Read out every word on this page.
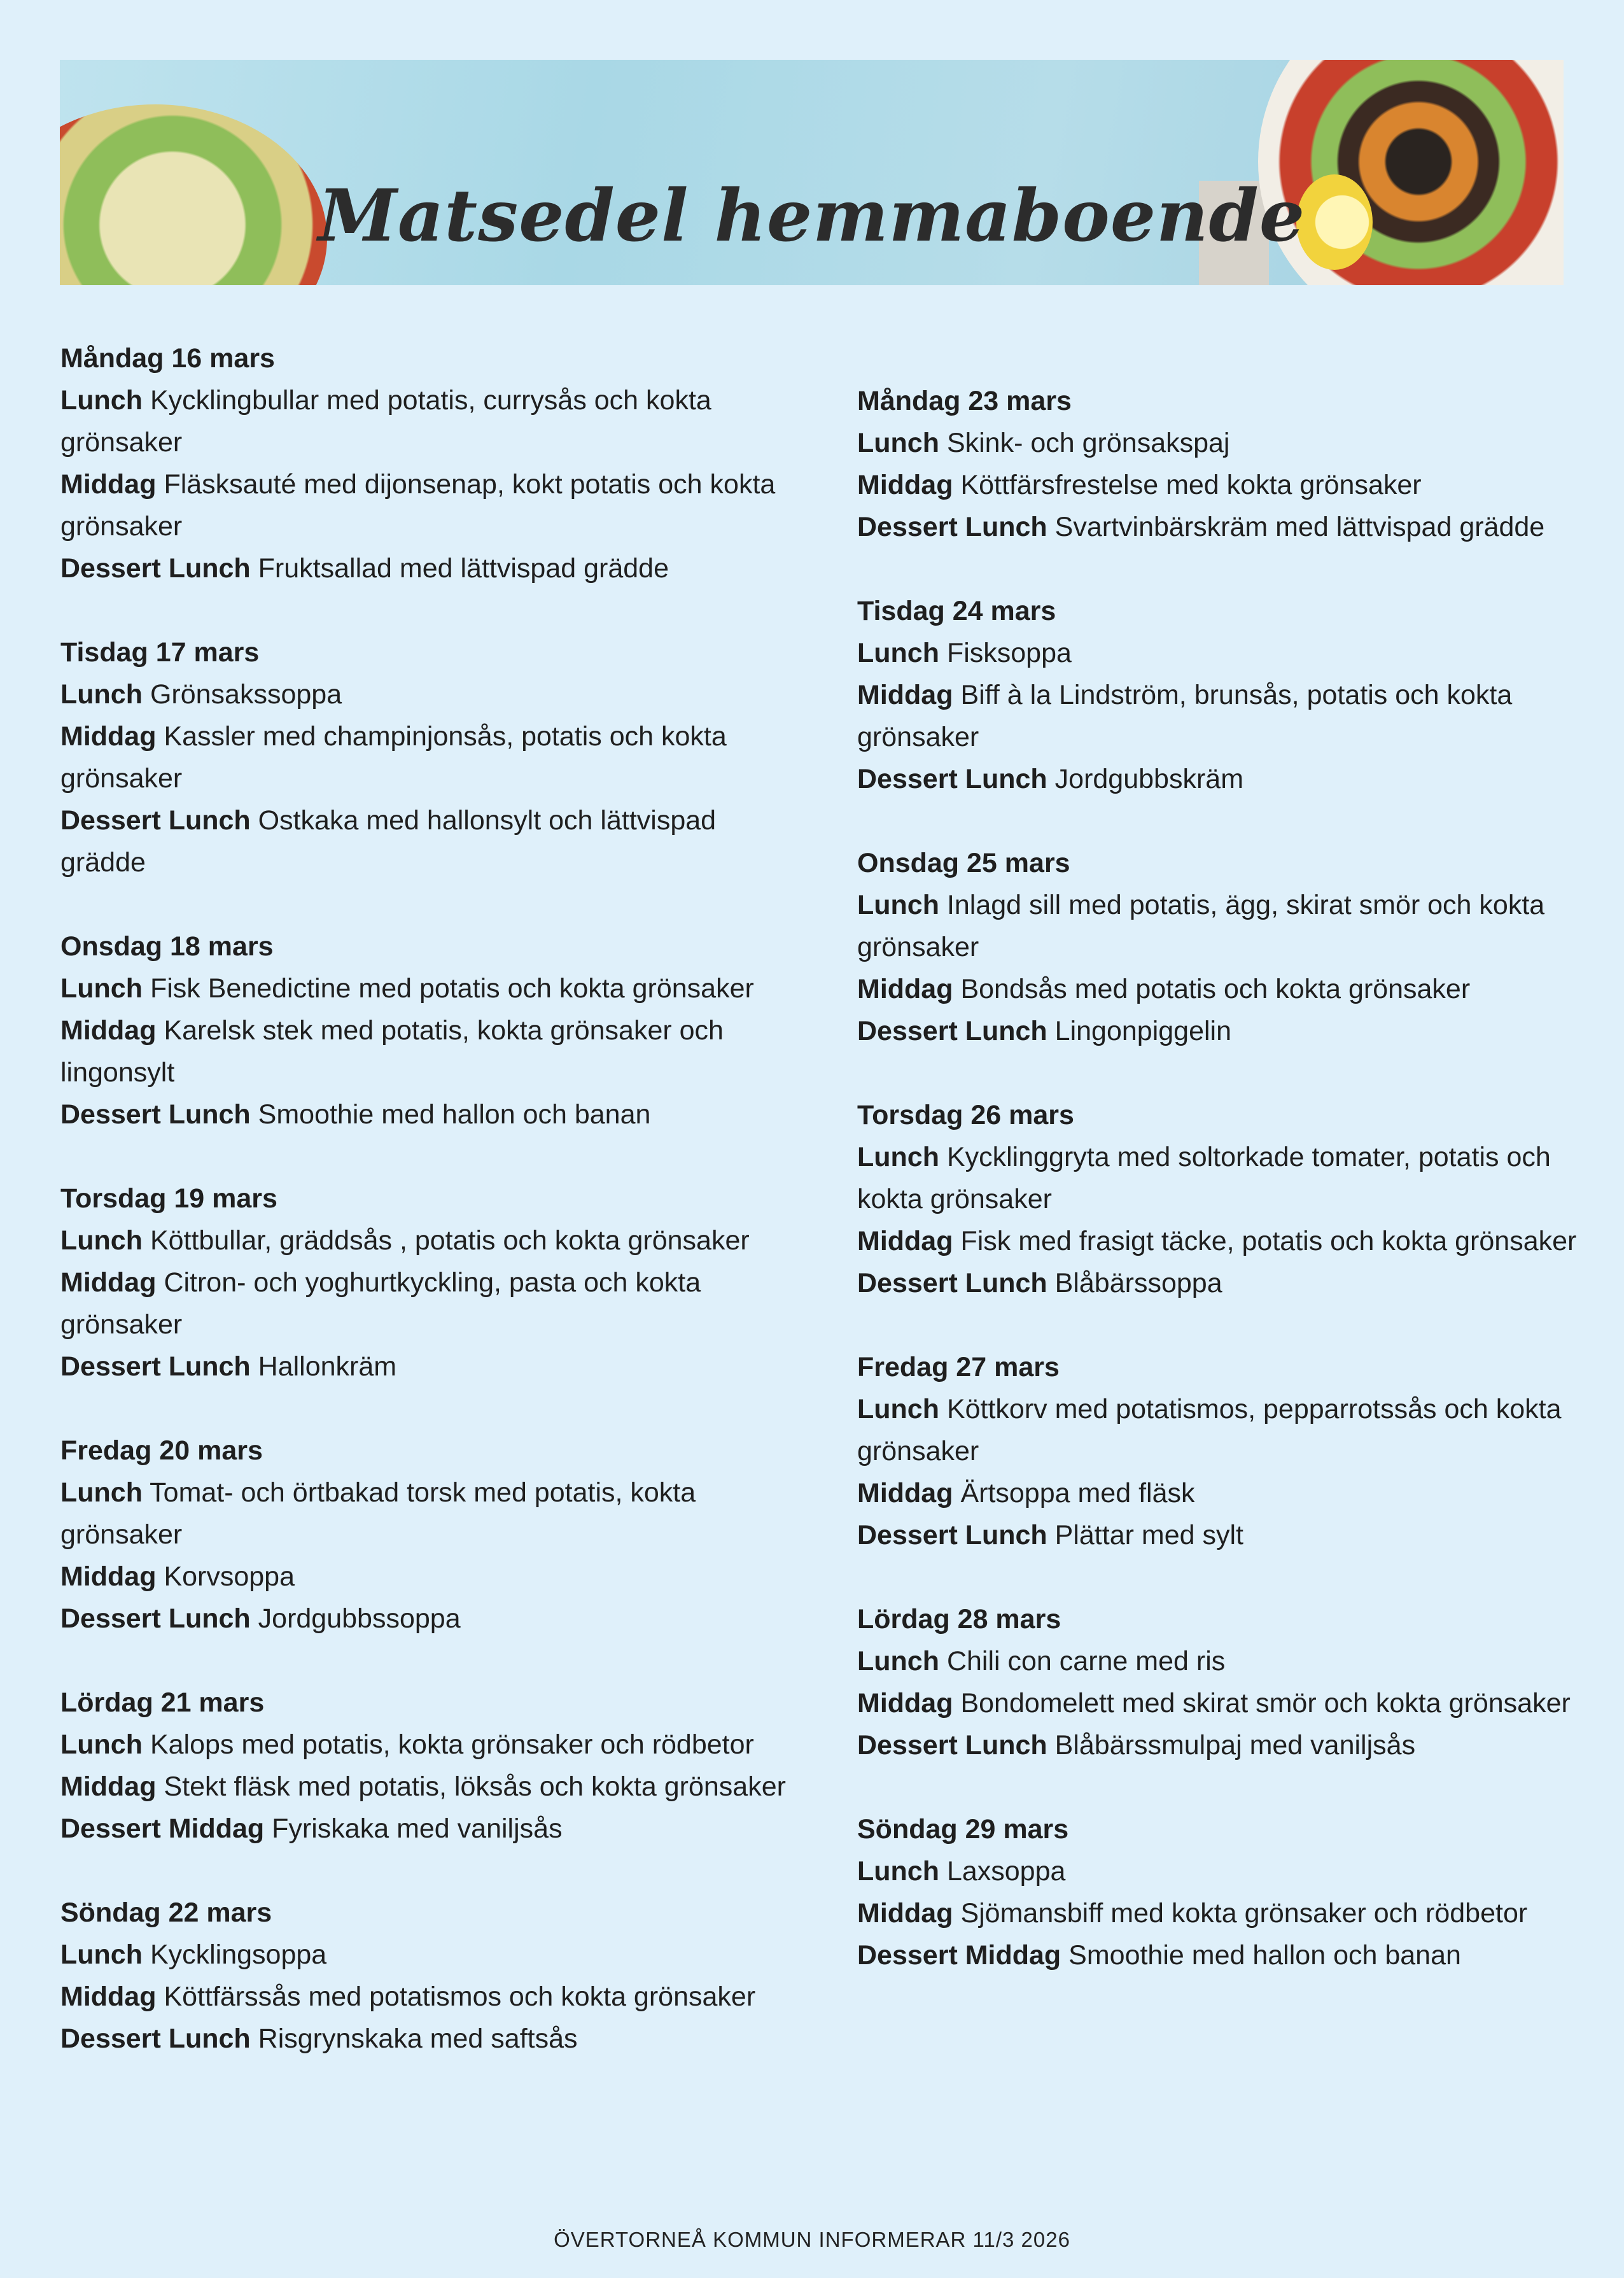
Matsedel hemmaboende
Måndag 16 mars
Lunch Kycklingbullar med potatis, currysås och kokta grönsaker
Middag Fläsksauté med dijonsenap, kokt potatis och kokta grönsaker
Dessert Lunch Fruktsallad med lättvispad grädde
Tisdag 17 mars
Lunch Grönsakssoppa
Middag Kassler med champinjonsås, potatis och kokta grönsaker
Dessert Lunch Ostkaka med hallonsylt och lättvispad grädde
Onsdag 18 mars
Lunch Fisk Benedictine med potatis och kokta grönsaker
Middag Karelsk stek med potatis, kokta grönsaker och lingonsylt
Dessert Lunch Smoothie med hallon och banan
Torsdag 19 mars
Lunch Köttbullar, gräddsås , potatis och kokta grönsaker
Middag Citron- och yoghurtkyckling, pasta och kokta grönsaker
Dessert Lunch Hallonkräm
Fredag 20 mars
Lunch Tomat- och örtbakad torsk med potatis, kokta grönsaker
Middag Korvsoppa
Dessert Lunch Jordgubbssoppa
Lördag 21 mars
Lunch Kalops med potatis, kokta grönsaker och rödbetor
Middag Stekt fläsk med potatis, löksås och kokta grönsaker
Dessert Middag Fyriskaka med vaniljsås
Söndag 22 mars
Lunch Kycklingsoppa
Middag Köttfärssås med potatismos och kokta grönsaker
Dessert Lunch Risgrynskaka med saftsås
Måndag 23 mars
Lunch Skink- och grönsakspaj
Middag Köttfärsfrestelse med kokta grönsaker
Dessert Lunch Svartvinbärskräm med lättvispad grädde
Tisdag 24 mars
Lunch Fisksoppa
Middag Biff à la Lindström, brunsås, potatis och kokta grönsaker
Dessert Lunch Jordgubbskräm
Onsdag 25 mars
Lunch Inlagd sill med potatis, ägg, skirat smör och kokta grönsaker
Middag Bondsås med potatis och kokta grönsaker
Dessert Lunch Lingonpiggelin
Torsdag 26 mars
Lunch Kycklinggryta med soltorkade tomater, potatis och kokta grönsaker
Middag Fisk med frasigt täcke, potatis och kokta grönsaker
Dessert Lunch Blåbärssoppa
Fredag 27 mars
Lunch Köttkorv med potatismos, pepparrotssås och kokta grönsaker
Middag Ärtsoppa med fläsk
Dessert Lunch Plättar med sylt
Lördag 28 mars
Lunch Chili con carne med ris
Middag Bondomelett med skirat smör och kokta grönsaker
Dessert Lunch Blåbärssmulpaj med vaniljsås
Söndag 29 mars
Lunch Laxsoppa
Middag Sjömansbiff med kokta grönsaker och rödbetor
Dessert Middag Smoothie med hallon och banan
ÖVERTORNEÅ KOMMUN INFORMERAR 11/3 2026
